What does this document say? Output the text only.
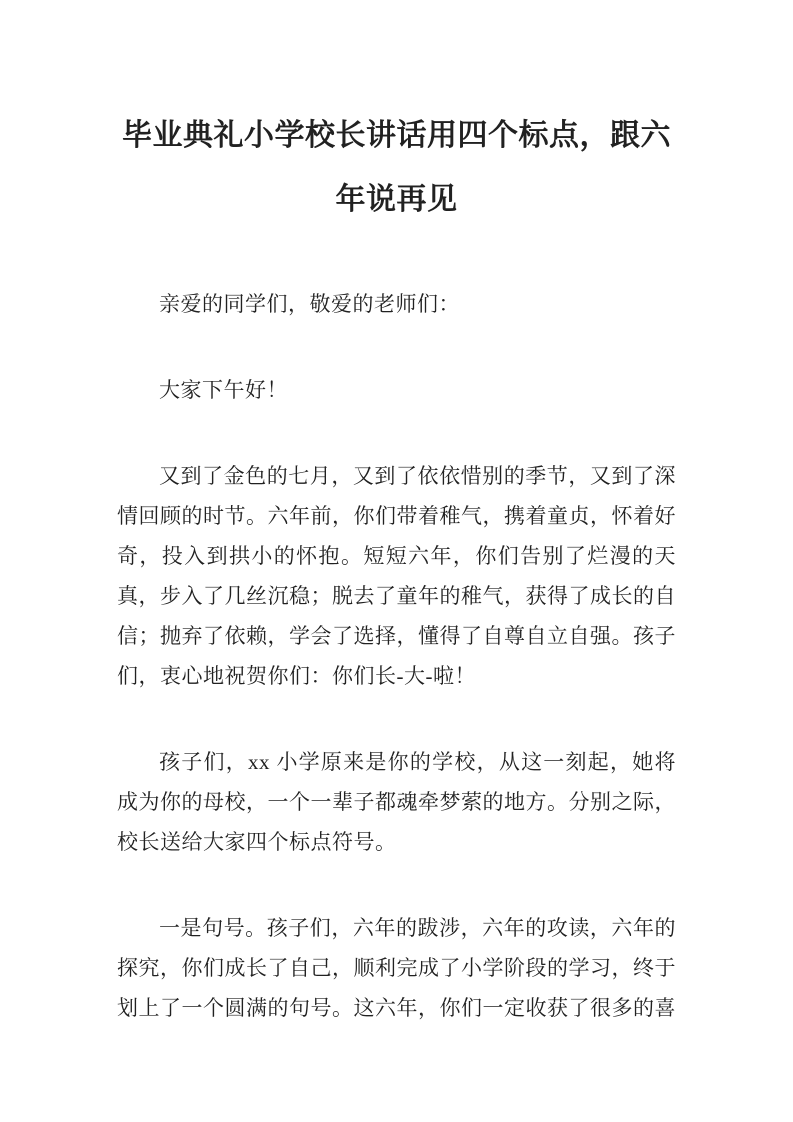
毕业典礼小学校长讲话用四个标点，跟六年说再见

亲爱的同学们，敬爱的老师们：

大家下午好！

又到了金色的七月，又到了依依惜别的季节，又到了深情回顾的时节。六年前，你们带着稚气，携着童贞，怀着好奇，投入到拱小的怀抱。短短六年，你们告别了烂漫的天真，步入了几丝沉稳；脱去了童年的稚气，获得了成长的自信；抛弃了依赖，学会了选择，懂得了自尊自立自强。孩子们，衷心地祝贺你们：你们长-大-啦！

孩子们，xx 小学原来是你的学校，从这一刻起，她将成为你的母校，一个一辈子都魂牵梦萦的地方。分别之际，校长送给大家四个标点符号。

一是句号。孩子们，六年的跋涉，六年的攻读，六年的探究，你们成长了自己，顺利完成了小学阶段的学习，终于划上了一个圆满的句号。这六年，你们一定收获了很多的喜
